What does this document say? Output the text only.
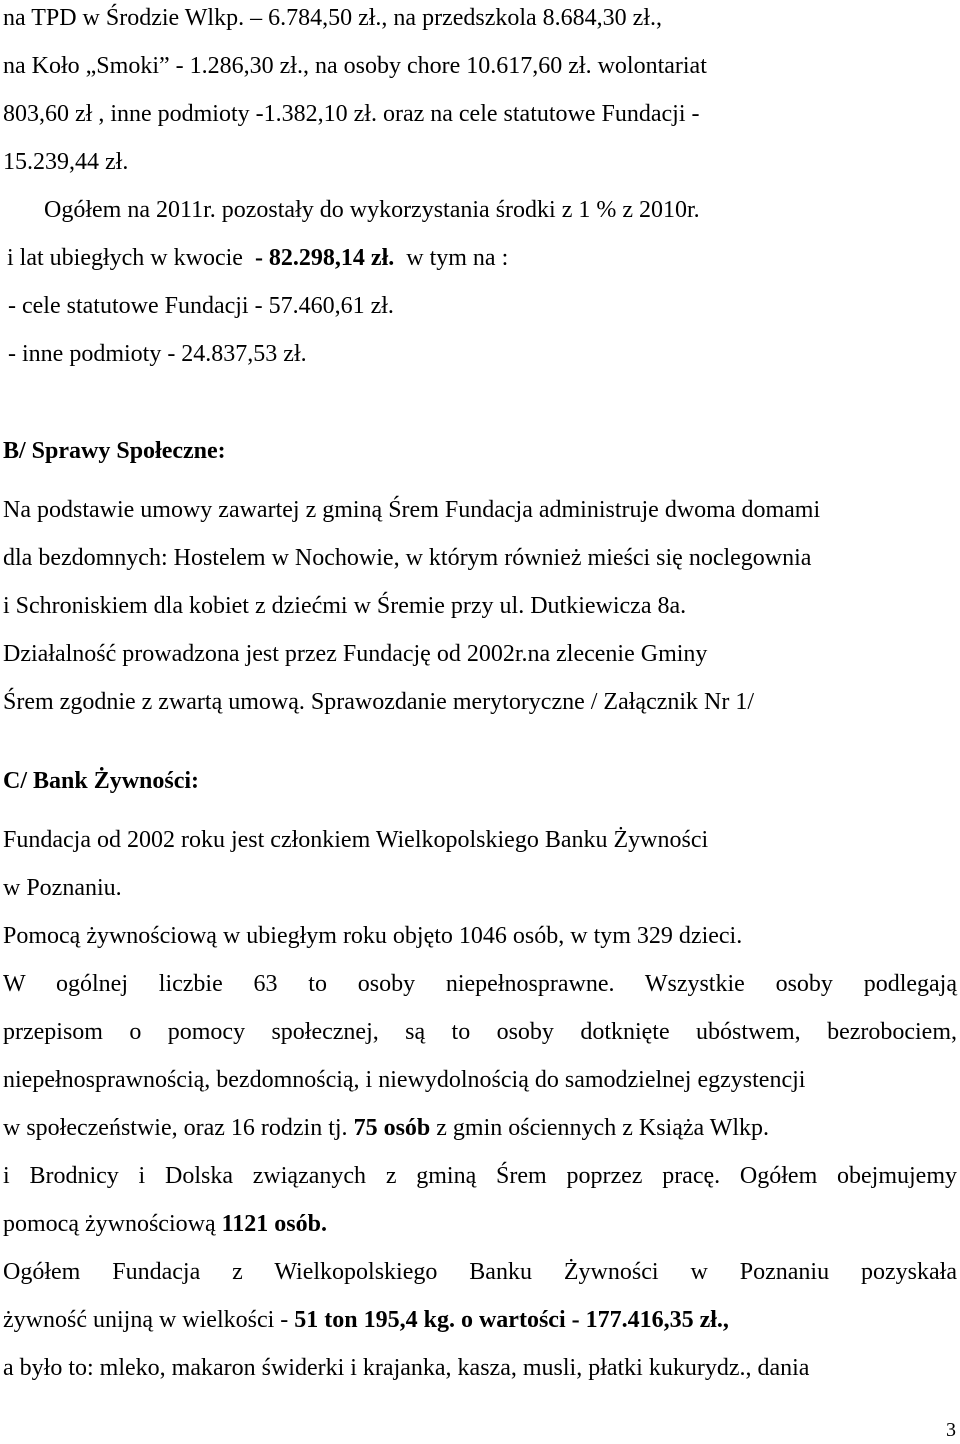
na TPD w Środzie Wlkp. – 6.784,50 zł., na przedszkola 8.684,30 zł.,
na Koło „Smoki” - 1.286,30 zł., na osoby chore 10.617,60 zł. wolontariat
803,60 zł , inne podmioty -1.382,10 zł. oraz na cele statutowe Fundacji -
15.239,44 zł.
Ogółem na 2011r. pozostały do wykorzystania środki z 1 % z 2010r.
i lat ubiegłych w kwocie - 82.298,14 zł. w tym na :
- cele statutowe Fundacji - 57.460,61 zł.
- inne podmioty - 24.837,53 zł.
B/ Sprawy Społeczne:
Na podstawie umowy zawartej z gminą Śrem Fundacja administruje dwoma domami
dla bezdomnych: Hostelem w Nochowie, w którym również mieści się noclegownia
i Schroniskiem dla kobiet z dziećmi w Śremie przy ul. Dutkiewicza 8a.
Działalność prowadzona jest przez Fundację od 2002r.na zlecenie Gminy
Śrem zgodnie z zwartą umową. Sprawozdanie merytoryczne / Załącznik Nr 1/
C/ Bank Żywności:
Fundacja od 2002 roku jest członkiem Wielkopolskiego Banku Żywności
w Poznaniu.
Pomocą żywnościową w ubiegłym roku objęto 1046 osób, w tym 329 dzieci.
W ogólnej liczbie 63 to osoby niepełnosprawne. Wszystkie osoby podlegają
przepisom o pomocy społecznej, są to osoby dotknięte ubóstwem, bezrobociem,
niepełnosprawnością, bezdomnością, i niewydolnością do samodzielnej egzystencji
w społeczeństwie, oraz 16 rodzin tj. 75 osób z gmin ościennych z Książa Wlkp.
i Brodnicy i Dolska związanych z gminą Śrem poprzez pracę. Ogółem obejmujemy
pomocą żywnościową 1121 osób.
Ogółem Fundacja z Wielkopolskiego Banku Żywności w Poznaniu pozyskała
żywność unijną w wielkości - 51 ton 195,4 kg. o wartości - 177.416,35 zł.,
a było to: mleko, makaron świderki i krajanka, kasza, musli, płatki kukurydz., dania
3
